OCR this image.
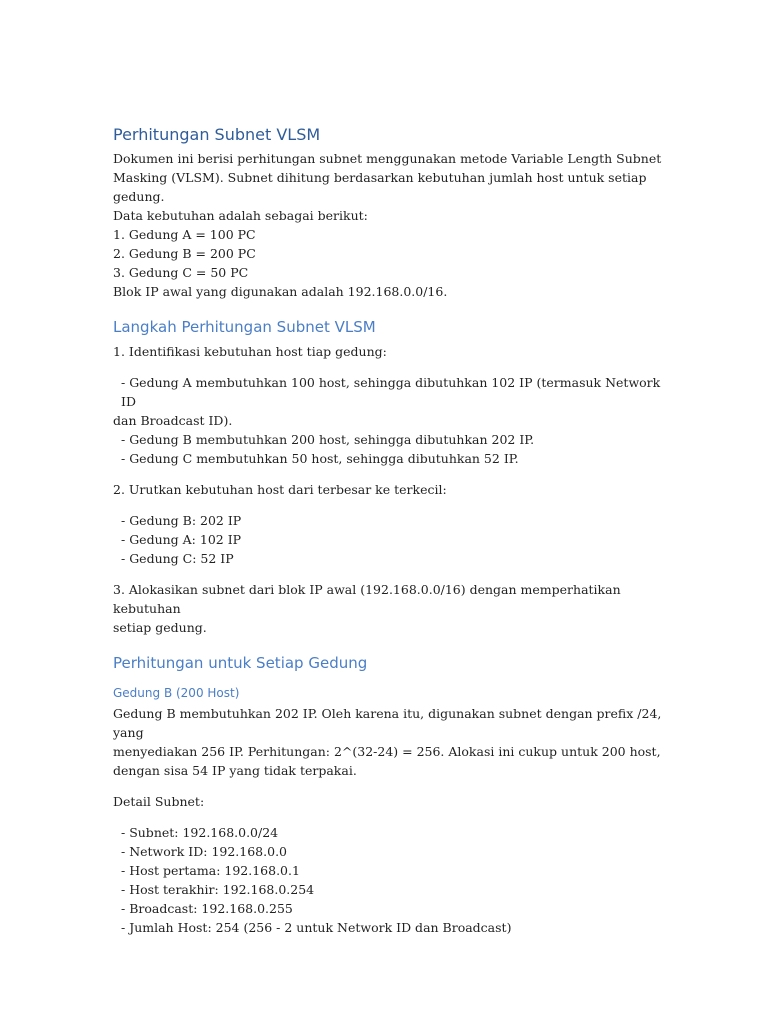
Perhitungan Subnet VLSM

Dokumen ini berisi perhitungan subnet menggunakan metode Variable Length Subnet

Masking (VLSM). Subnet dihitung berdasarkan kebutuhan jumlah host untuk setiap gedung.

Data kebutuhan adalah sebagai berikut:

1. Gedung A = 100 PC

2. Gedung B = 200 PC

3. Gedung C = 50 PC

Blok IP awal yang digunakan adalah 192.168.0.0/16.

Langkah Perhitungan Subnet VLSM

1. Identifikasi kebutuhan host tiap gedung:

- Gedung A membutuhkan 100 host, sehingga dibutuhkan 102 IP (termasuk Network ID

dan Broadcast ID).

- Gedung B membutuhkan 200 host, sehingga dibutuhkan 202 IP.

- Gedung C membutuhkan 50 host, sehingga dibutuhkan 52 IP.

2. Urutkan kebutuhan host dari terbesar ke terkecil:

- Gedung B: 202 IP

- Gedung A: 102 IP

- Gedung C: 52 IP

3. Alokasikan subnet dari blok IP awal (192.168.0.0/16) dengan memperhatikan kebutuhan

setiap gedung.

Perhitungan untuk Setiap Gedung
Gedung B (200 Host)

Gedung B membutuhkan 202 IP. Oleh karena itu, digunakan subnet dengan prefix /24, yang

menyediakan 256 IP. Perhitungan: 2^(32-24) = 256. Alokasi ini cukup untuk 200 host,

dengan sisa 54 IP yang tidak terpakai.

Detail Subnet:

- Subnet: 192.168.0.0/24

- Network ID: 192.168.0.0

- Host pertama: 192.168.0.1

- Host terakhir: 192.168.0.254

- Broadcast: 192.168.0.255

- Jumlah Host: 254 (256 - 2 untuk Network ID dan Broadcast)
